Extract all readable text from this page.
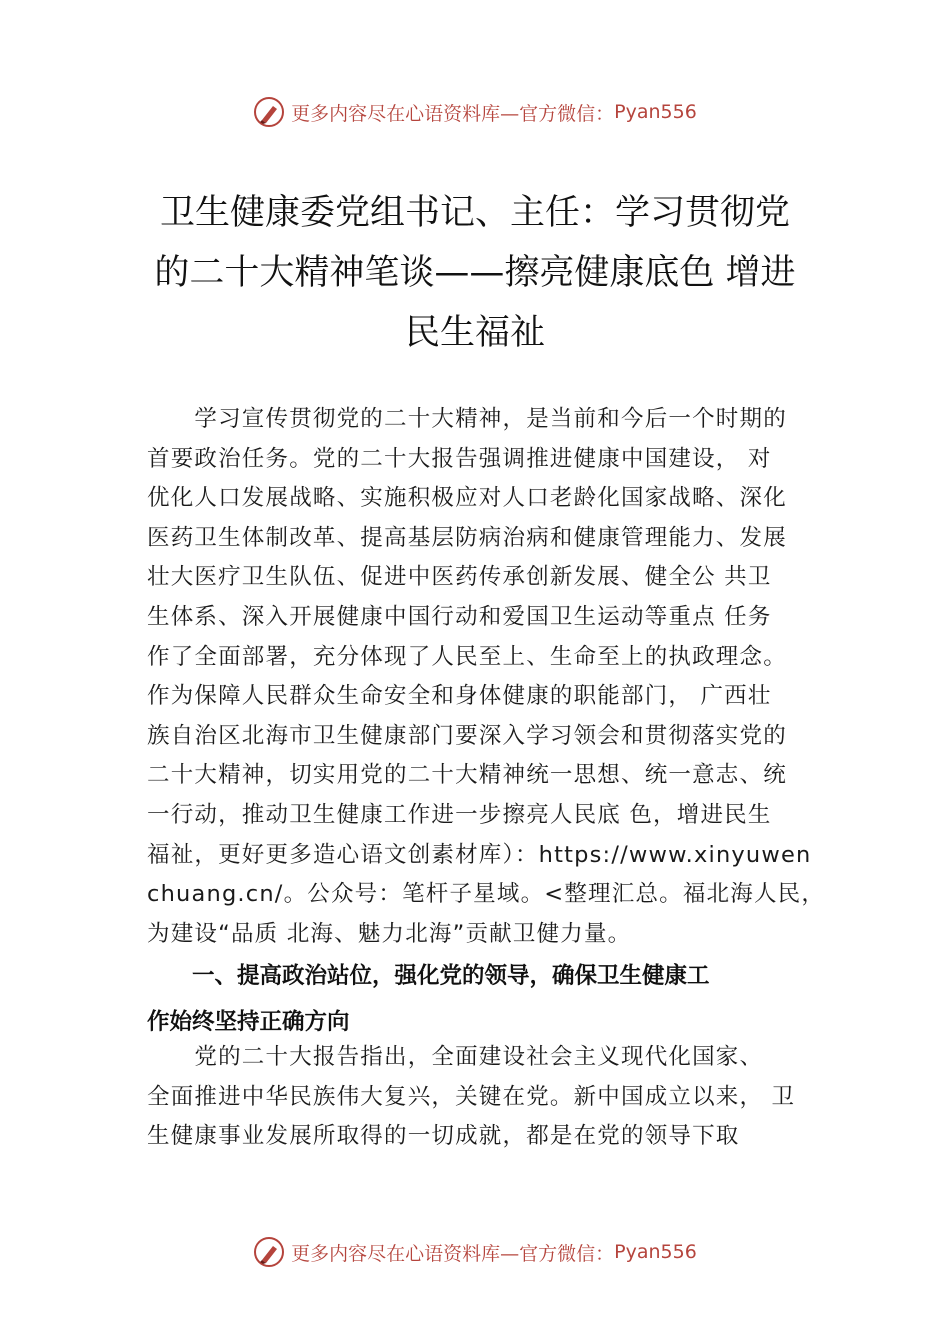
更多内容尽在心语资料库—官方微信： Pyan556
卫生健康委党组书记、主任：学习贯彻党
的二十大精神笔谈——擦亮健康底色 增进
民生福祉
　　学习宣传贯彻党的二十大精神，是当前和今后一个时期的
首要政治任务。党的二十大报告强调推进健康中国建设， 对
优化人口发展战略、实施积极应对人口老龄化国家战略、深化
医药卫生体制改革、提高基层防病治病和健康管理能力、发展
壮大医疗卫生队伍、促进中医药传承创新发展、健全公 共卫
生体系、深入开展健康中国行动和爱国卫生运动等重点 任务
作了全面部署，充分体现了人民至上、生命至上的执政理念。
作为保障人民群众生命安全和身体健康的职能部门， 广西壮
族自治区北海市卫生健康部门要深入学习领会和贯彻落实党的
二十大精神，切实用党的二十大精神统一思想、统一意志、统
一行动，推动卫生健康工作进一步擦亮人民底 色，增进民生
福祉，更好更多造心语文创素材库）：https://www.xinyuwen
chuang.cn/。公众号：笔杆子星域。<整理汇总。福北海人民，
为建设“品质 北海、魅力北海”贡献卫健力量。
　　一、提高政治站位，强化党的领导，确保卫生健康工
作始终坚持正确方向
　　党的二十大报告指出，全面建设社会主义现代化国家、
全面推进中华民族伟大复兴，关键在党。新中国成立以来， 卫
生健康事业发展所取得的一切成就，都是在党的领导下取
更多内容尽在心语资料库—官方微信： Pyan556
